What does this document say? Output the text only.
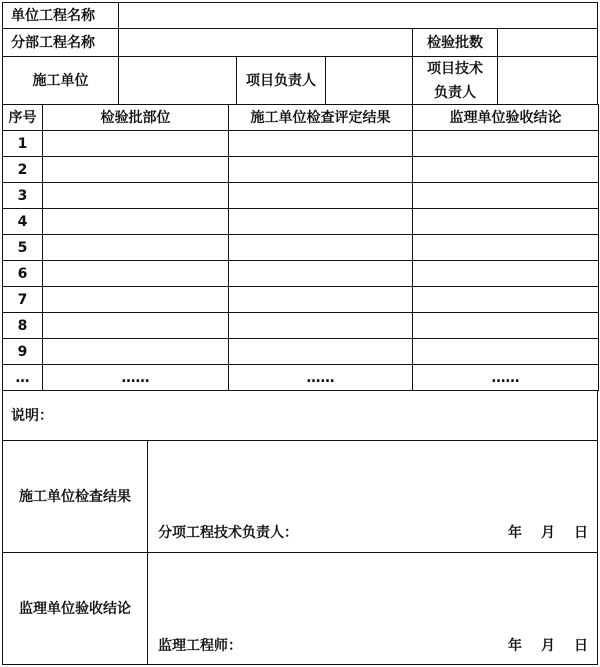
单位工程名称
分部工程名称	检验批数
施工单位	项目负责人
项目技术
负责人
序号	检验批部位	施工单位检查评定结果	监理单位验收结论
1
2
3
4
5
6
7
8
9
…	……	……	……
说明：
施工单位检查结果
分项工程技术负责人：	年 月 日
监理单位验收结论
监理工程师：	年 月 日
